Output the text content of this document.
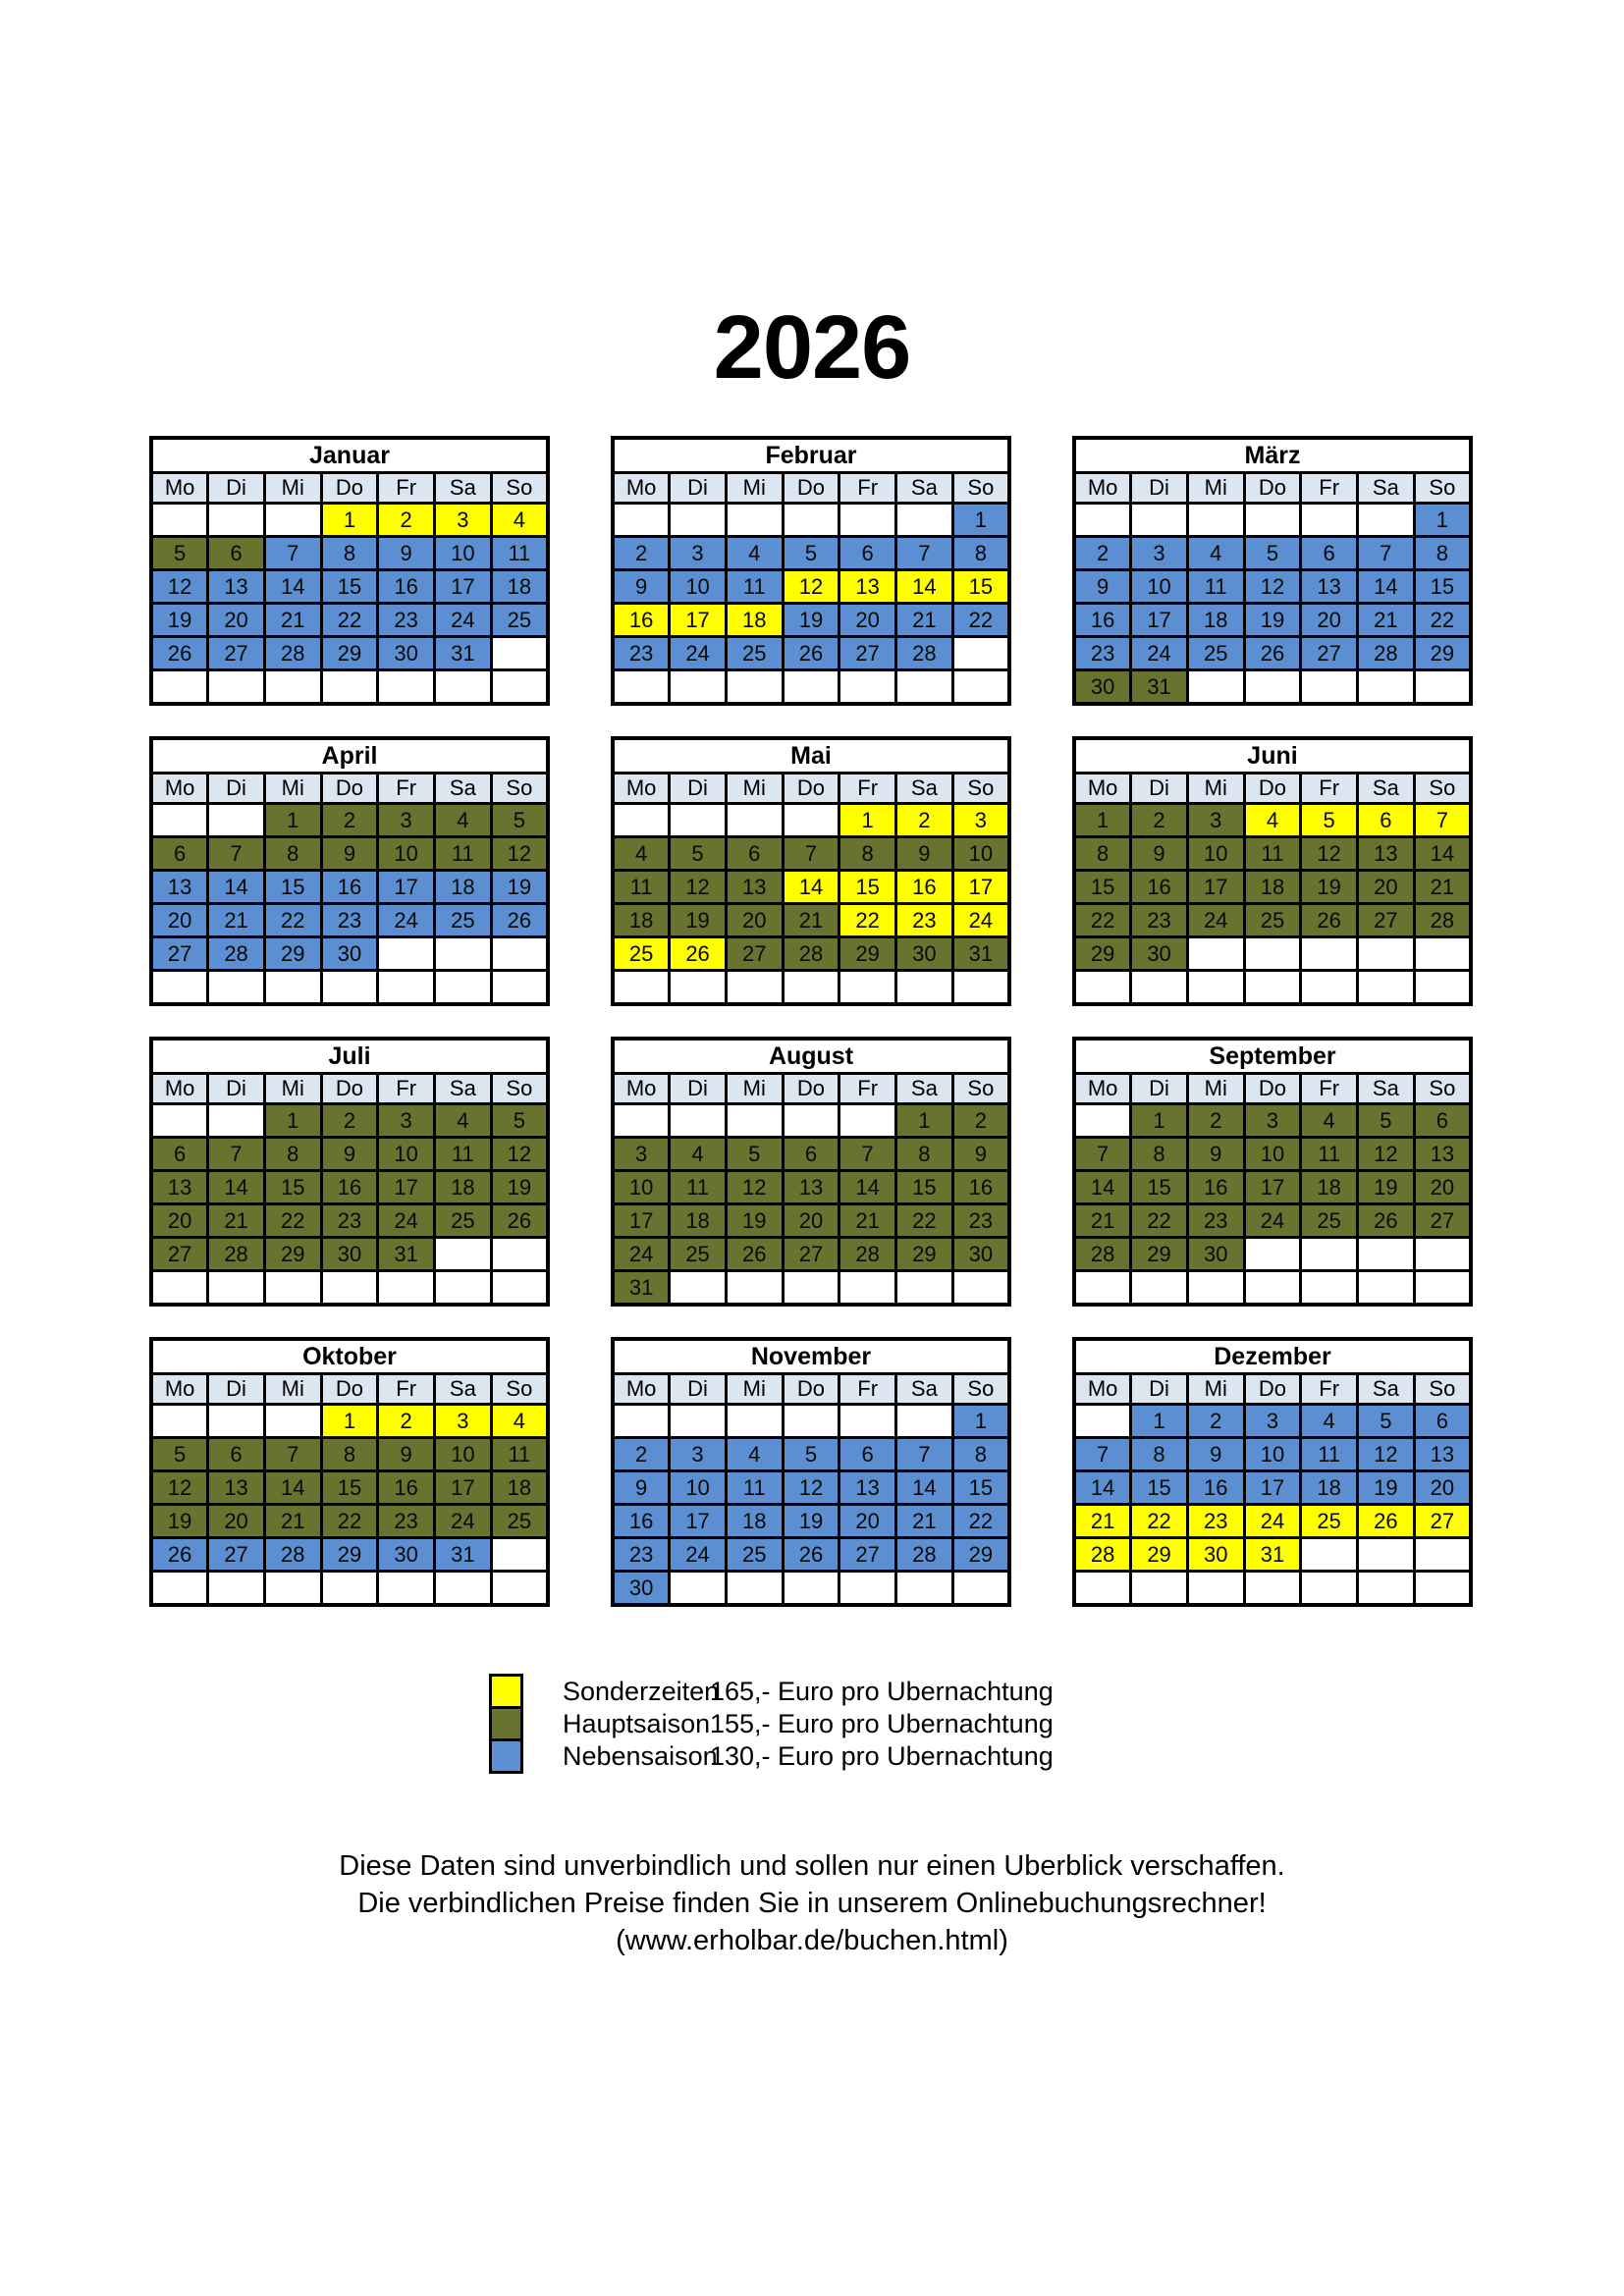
2026
Januar						
Mo	Di	Mi	Do	Fr	Sa	So
			1	2	3	4
5	6	7	8	9	10	11
12	13	14	15	16	17	18
19	20	21	22	23	24	25
26	27	28	29	30	31	

Februar						
Mo	Di	Mi	Do	Fr	Sa	So
						1
2	3	4	5	6	7	8
9	10	11	12	13	14	15
16	17	18	19	20	21	22
23	24	25	26	27	28	

März						
Mo	Di	Mi	Do	Fr	Sa	So
						1
2	3	4	5	6	7	8
9	10	11	12	13	14	15
16	17	18	19	20	21	22
23	24	25	26	27	28	29
30	31					
April						
Mo	Di	Mi	Do	Fr	Sa	So
		1	2	3	4	5
6	7	8	9	10	11	12
13	14	15	16	17	18	19
20	21	22	23	24	25	26
27	28	29	30			

Mai						
Mo	Di	Mi	Do	Fr	Sa	So
				1	2	3
4	5	6	7	8	9	10
11	12	13	14	15	16	17
18	19	20	21	22	23	24
25	26	27	28	29	30	31

Juni						
Mo	Di	Mi	Do	Fr	Sa	So
1	2	3	4	5	6	7
8	9	10	11	12	13	14
15	16	17	18	19	20	21
22	23	24	25	26	27	28
29	30					

Juli						
Mo	Di	Mi	Do	Fr	Sa	So
		1	2	3	4	5
6	7	8	9	10	11	12
13	14	15	16	17	18	19
20	21	22	23	24	25	26
27	28	29	30	31		

August						
Mo	Di	Mi	Do	Fr	Sa	So
					1	2
3	4	5	6	7	8	9
10	11	12	13	14	15	16
17	18	19	20	21	22	23
24	25	26	27	28	29	30
31						
September						
Mo	Di	Mi	Do	Fr	Sa	So
	1	2	3	4	5	6
7	8	9	10	11	12	13
14	15	16	17	18	19	20
21	22	23	24	25	26	27
28	29	30				

Oktober						
Mo	Di	Mi	Do	Fr	Sa	So
			1	2	3	4
5	6	7	8	9	10	11
12	13	14	15	16	17	18
19	20	21	22	23	24	25
26	27	28	29	30	31	

November						
Mo	Di	Mi	Do	Fr	Sa	So
						1
2	3	4	5	6	7	8
9	10	11	12	13	14	15
16	17	18	19	20	21	22
23	24	25	26	27	28	29
30						
Dezember						
Mo	Di	Mi	Do	Fr	Sa	So
	1	2	3	4	5	6
7	8	9	10	11	12	13
14	15	16	17	18	19	20
21	22	23	24	25	26	27
28	29	30	31			

Sonderzeiten
165,- Euro pro Ubernachtung
Hauptsaison 155,- Euro pro Ubernachtung
Nebensaison
130,- Euro pro Ubernachtung
Diese Daten sind unverbindlich und sollen nur einen Uberblick verschaffen.
Die verbindlichen Preise finden Sie in unserem Onlinebuchungsrechner!
(www.erholbar.de/buchen.html)
